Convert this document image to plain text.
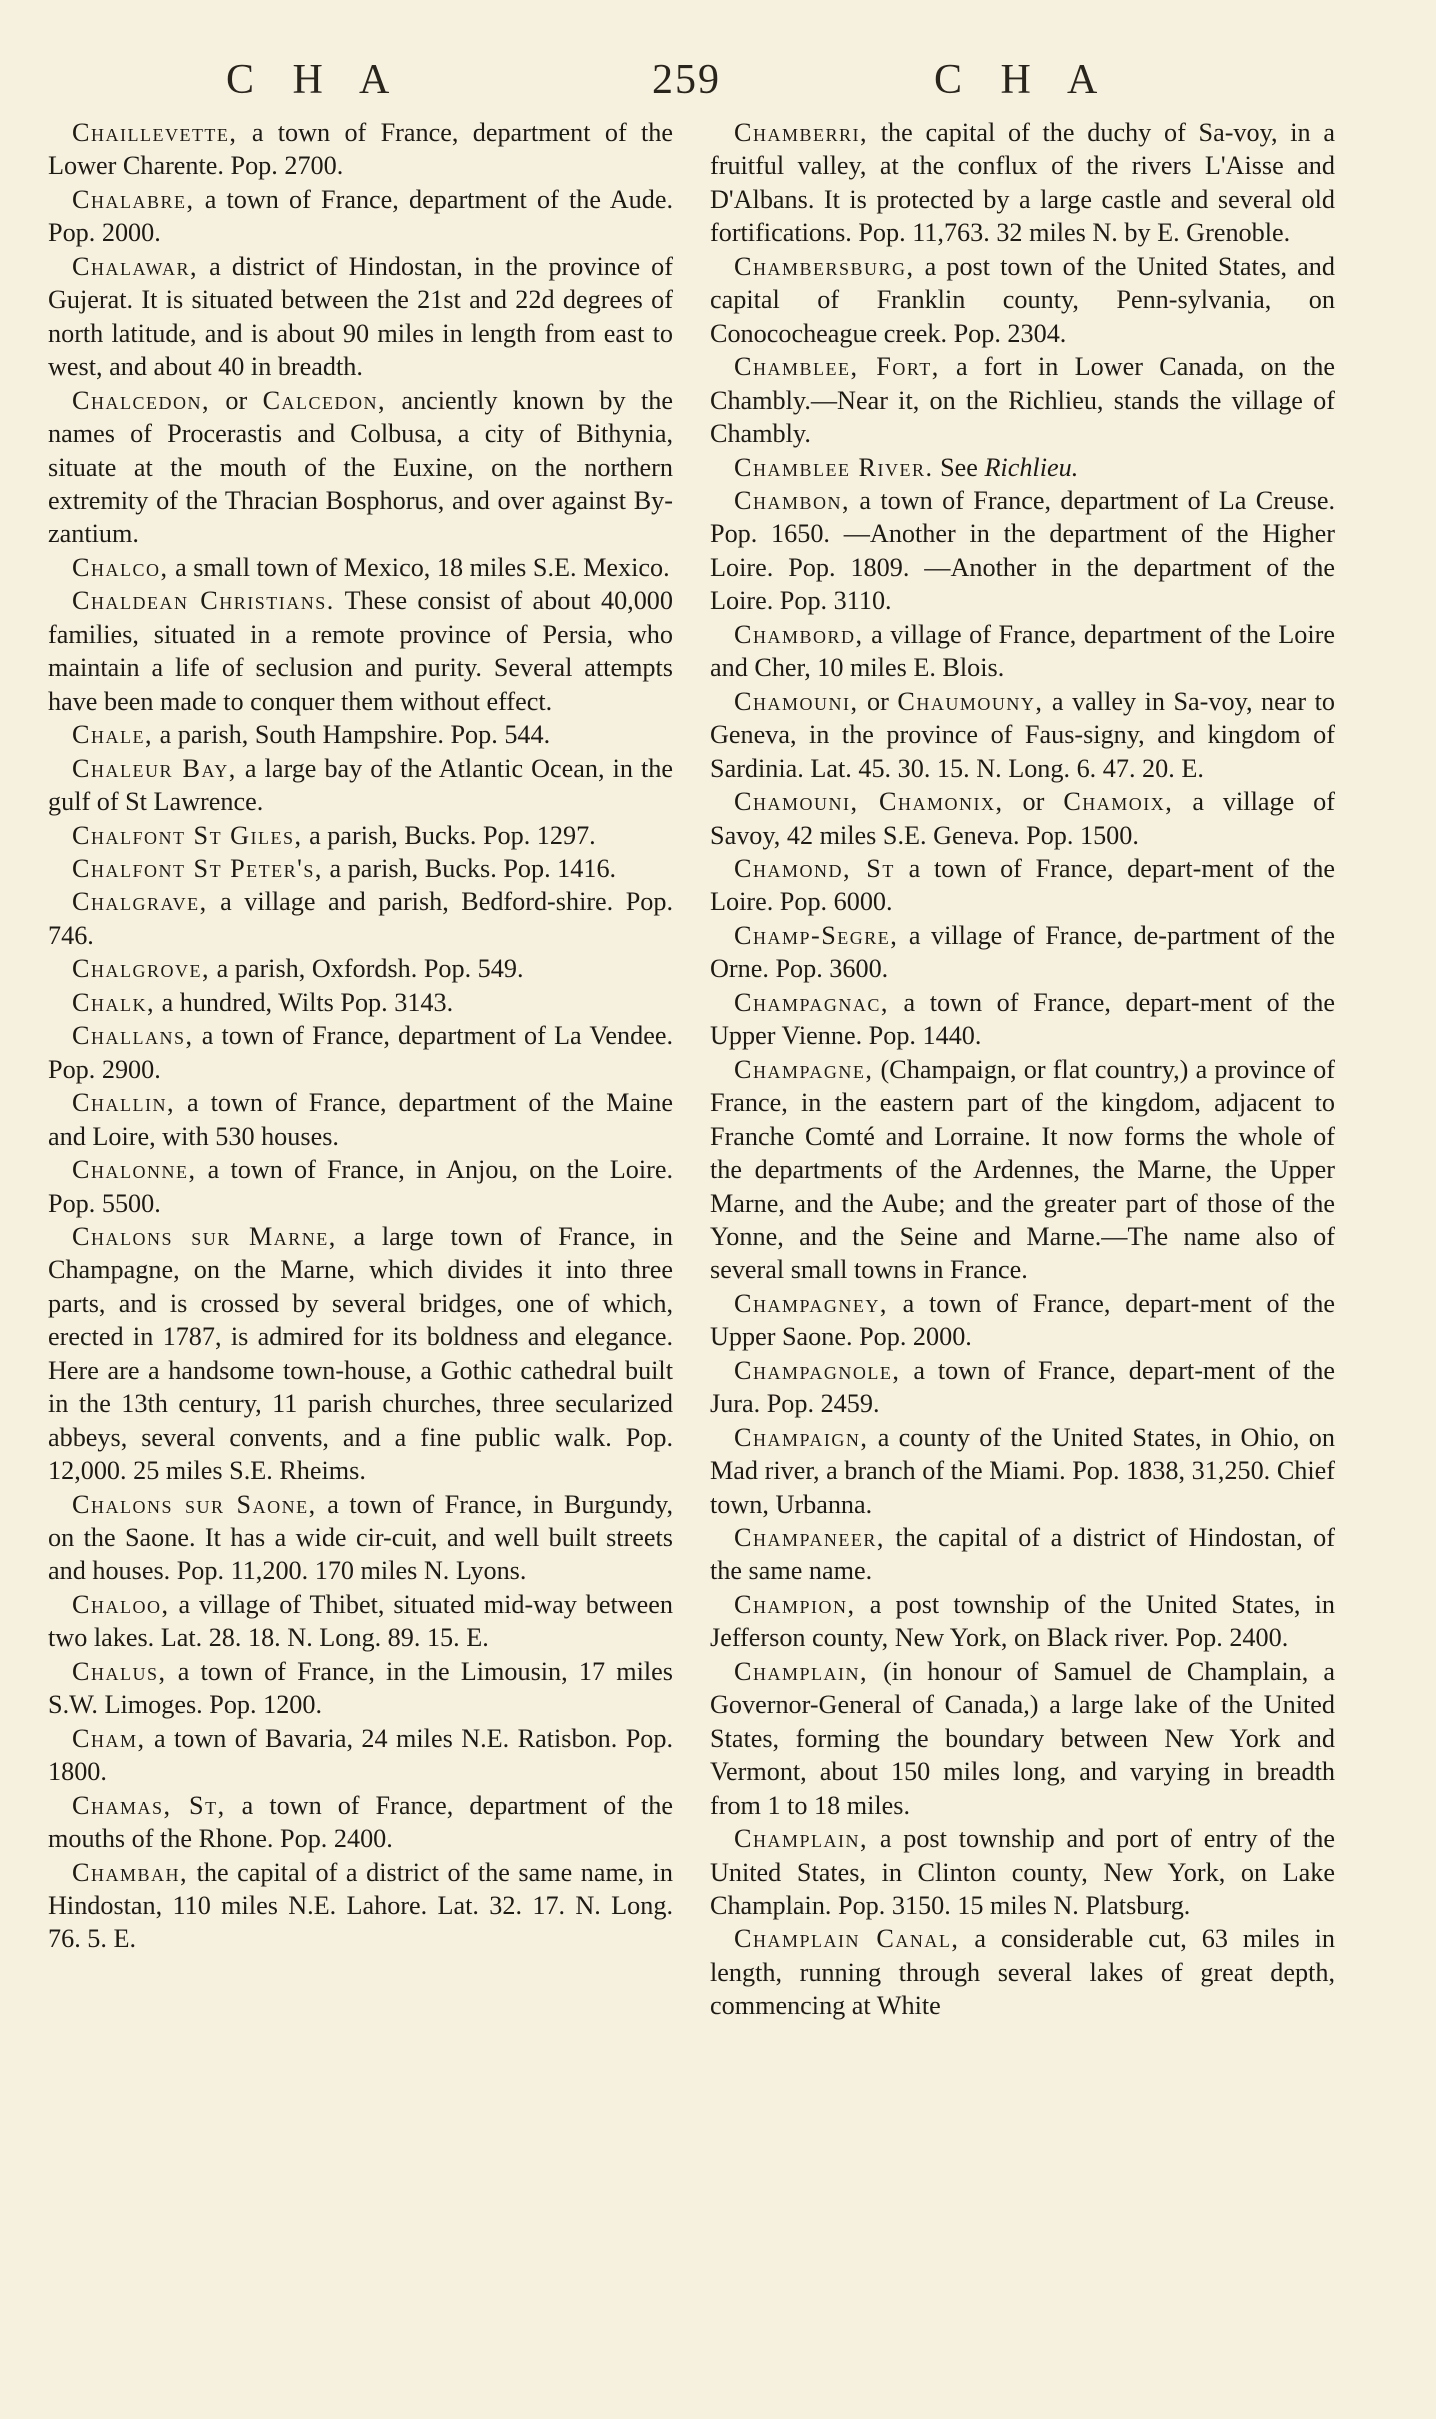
C H A	259	C H A

Chaillevette, a town of France, department of the Lower Charente. Pop. 2700.

Chalabre, a town of France, department of the Aude. Pop. 2000.

Chalawar, a district of Hindostan, in the province of Gujerat. It is situated between the 21st and 22d degrees of north latitude, and is about 90 miles in length from east to west, and about 40 in breadth.

Chalcedon, or Calcedon, anciently known by the names of Procerastis and Colbusa, a city of Bithynia, situate at the mouth of the Euxine, on the northern extremity of the Thracian Bosphorus, and over against By-zantium.

Chalco, a small town of Mexico, 18 miles S.E. Mexico.

Chaldean Christians. These consist of about 40,000 families, situated in a remote province of Persia, who maintain a life of seclusion and purity. Several attempts have been made to conquer them without effect.

Chale, a parish, South Hampshire. Pop. 544.

Chaleur Bay, a large bay of the Atlantic Ocean, in the gulf of St Lawrence.

Chalfont St Giles, a parish, Bucks. Pop. 1297.

Chalfont St Peter's, a parish, Bucks. Pop. 1416.

Chalgrave, a village and parish, Bedford-shire. Pop. 746.

Chalgrove, a parish, Oxfordsh. Pop. 549.

Chalk, a hundred, Wilts Pop. 3143.

Challans, a town of France, department of La Vendee. Pop. 2900.

Challin, a town of France, department of the Maine and Loire, with 530 houses.

Chalonne, a town of France, in Anjou, on the Loire. Pop. 5500.

Chalons sur Marne, a large town of France, in Champagne, on the Marne, which divides it into three parts, and is crossed by several bridges, one of which, erected in 1787, is admired for its boldness and elegance. Here are a handsome town-house, a Gothic cathedral built in the 13th century, 11 parish churches, three secularized abbeys, several convents, and a fine public walk. Pop. 12,000. 25 miles S.E. Rheims.

Chalons sur Saone, a town of France, in Burgundy, on the Saone. It has a wide cir-cuit, and well built streets and houses. Pop. 11,200. 170 miles N. Lyons.

Chaloo, a village of Thibet, situated mid-way between two lakes. Lat. 28. 18. N. Long. 89. 15. E.

Chalus, a town of France, in the Limousin, 17 miles S.W. Limoges. Pop. 1200.

Cham, a town of Bavaria, 24 miles N.E. Ratisbon. Pop. 1800.

Chamas, St, a town of France, department of the mouths of the Rhone. Pop. 2400.

Chambah, the capital of a district of the same name, in Hindostan, 110 miles N.E. Lahore. Lat. 32. 17. N. Long. 76. 5. E.

Chamberri, the capital of the duchy of Sa-voy, in a fruitful valley, at the conflux of the rivers L'Aisse and D'Albans. It is protected by a large castle and several old fortifications. Pop. 11,763. 32 miles N. by E. Grenoble.

Chambersburg, a post town of the United States, and capital of Franklin county, Penn-sylvania, on Conococheague creek. Pop. 2304.

Chamblee, Fort, a fort in Lower Canada, on the Chambly.—Near it, on the Richlieu, stands the village of Chambly.

Chamblee River. See Richlieu.

Chambon, a town of France, department of La Creuse. Pop. 1650. —Another in the department of the Higher Loire. Pop. 1809. —Another in the department of the Loire. Pop. 3110.

Chambord, a village of France, department of the Loire and Cher, 10 miles E. Blois.

Chamouni, or Chaumouny, a valley in Sa-voy, near to Geneva, in the province of Faus-signy, and kingdom of Sardinia. Lat. 45. 30. 15. N. Long. 6. 47. 20. E.

Chamouni, Chamonix, or Chamoix, a village of Savoy, 42 miles S.E. Geneva. Pop. 1500.

Chamond, St a town of France, depart-ment of the Loire. Pop. 6000.

Champ-Segre, a village of France, de-partment of the Orne. Pop. 3600.

Champagnac, a town of France, depart-ment of the Upper Vienne. Pop. 1440.

Champagne, (Champaign, or flat country,) a province of France, in the eastern part of the kingdom, adjacent to Franche Comté and Lorraine. It now forms the whole of the departments of the Ardennes, the Marne, the Upper Marne, and the Aube; and the greater part of those of the Yonne, and the Seine and Marne.—The name also of several small towns in France.

Champagney, a town of France, depart-ment of the Upper Saone. Pop. 2000.

Champagnole, a town of France, depart-ment of the Jura. Pop. 2459.

Champaign, a county of the United States, in Ohio, on Mad river, a branch of the Miami. Pop. 1838, 31,250. Chief town, Urbanna.

Champaneer, the capital of a district of Hindostan, of the same name.

Champion, a post township of the United States, in Jefferson county, New York, on Black river. Pop. 2400.

Champlain, (in honour of Samuel de Champlain, a Governor-General of Canada,) a large lake of the United States, forming the boundary between New York and Vermont, about 150 miles long, and varying in breadth from 1 to 18 miles.

Champlain, a post township and port of entry of the United States, in Clinton county, New York, on Lake Champlain. Pop. 3150. 15 miles N. Platsburg.

Champlain Canal, a considerable cut, 63 miles in length, running through several lakes of great depth, commencing at White
